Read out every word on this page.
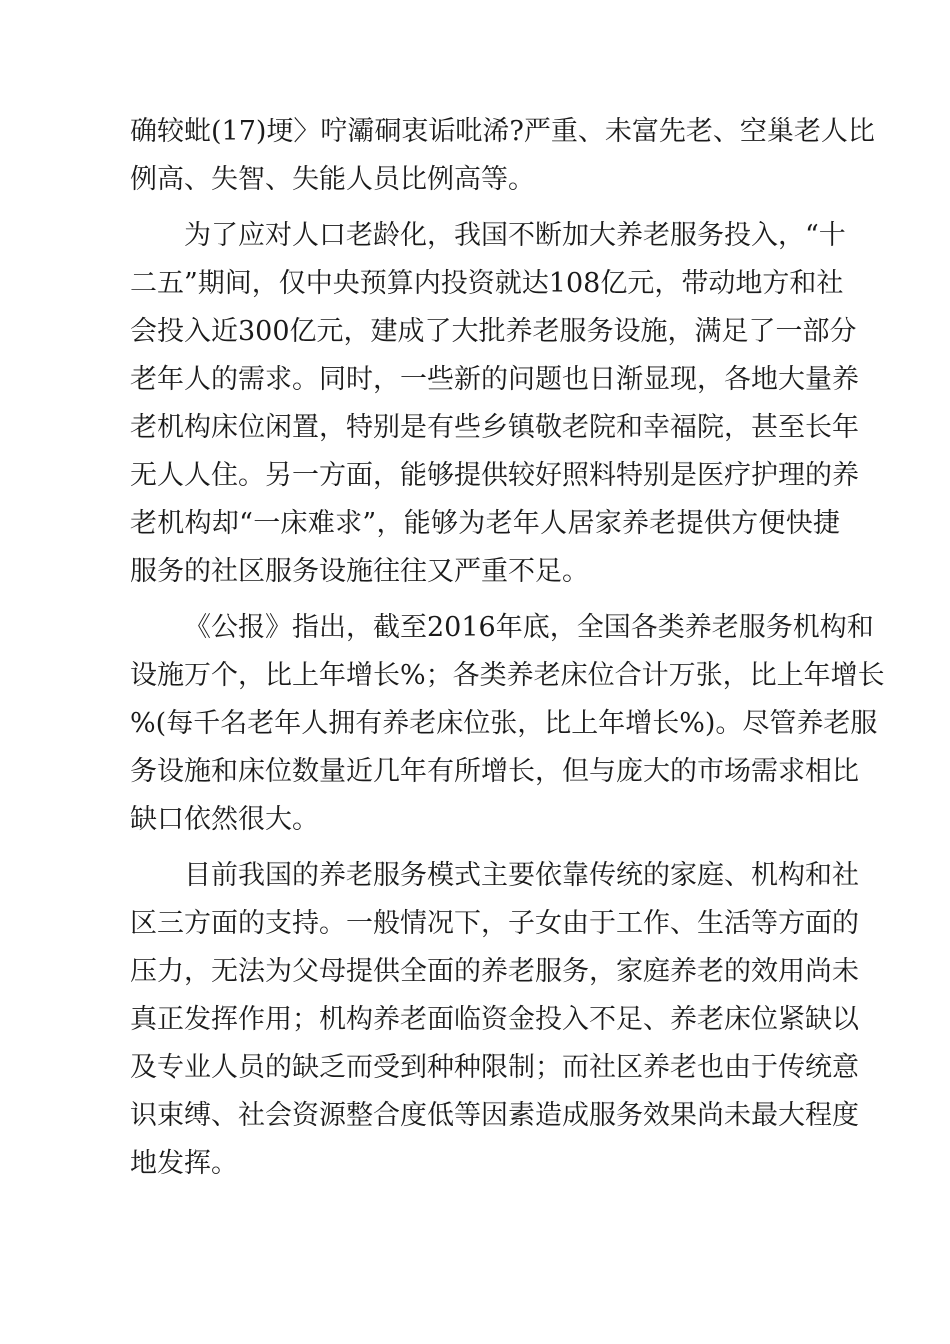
确较蚍(17)埂〉咛灞硐衷诟吡浠?严重、未富先老、空巢老人比
例高、失智、失能人员比例高等。
为了应对人口老龄化，我国不断加大养老服务投入，“十
二五”期间，仅中央预算内投资就达108亿元，带动地方和社
会投入近300亿元，建成了大批养老服务设施，满足了一部分
老年人的需求。同时，一些新的问题也日渐显现，各地大量养
老机构床位闲置，特别是有些乡镇敬老院和幸福院，甚至长年
无人人住。另一方面，能够提供较好照料特别是医疗护理的养
老机构却“一床难求”，能够为老年人居家养老提供方便快捷
服务的社区服务设施往往又严重不足。
《公报》指出，截至2016年底，全国各类养老服务机构和
设施万个，比上年增长%；各类养老床位合计万张，比上年增长
%(每千名老年人拥有养老床位张，比上年增长%)。尽管养老服
务设施和床位数量近几年有所增长，但与庞大的市场需求相比
缺口依然很大。
目前我国的养老服务模式主要依靠传统的家庭、机构和社
区三方面的支持。一般情况下，子女由于工作、生活等方面的
压力，无法为父母提供全面的养老服务，家庭养老的效用尚未
真正发挥作用；机构养老面临资金投入不足、养老床位紧缺以
及专业人员的缺乏而受到种种限制；而社区养老也由于传统意
识束缚、社会资源整合度低等因素造成服务效果尚未最大程度
地发挥。
